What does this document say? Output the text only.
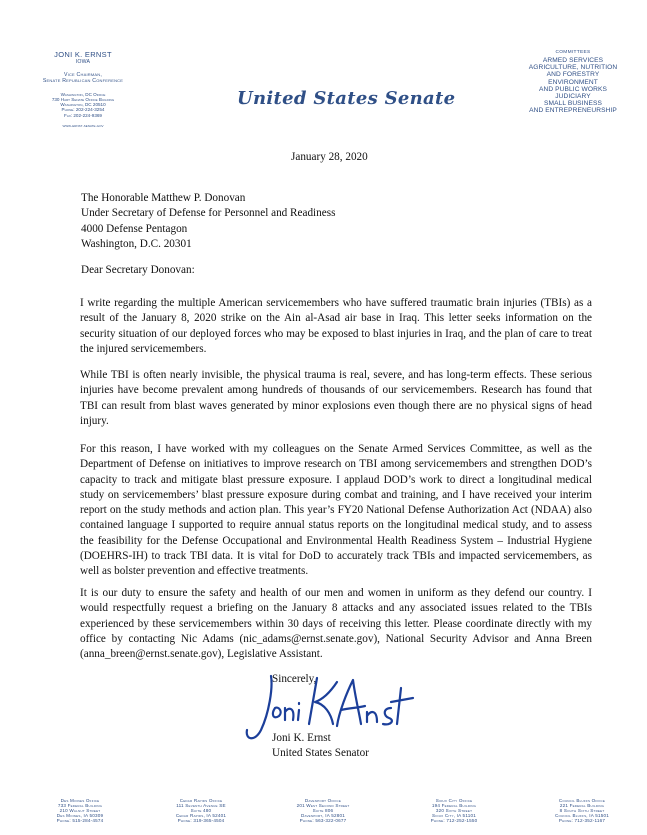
JONI K. ERNST
IOWA
Vice Chairman,
Senate Republican Conference
Washington, DC Office
730 Hart Senate Office Building
Washington, DC 20510
Phone: 202-224-3254
Fax: 202-224-9369
www.ernst.senate.gov
United States Senate
COMMITTEES
ARMED SERVICES
AGRICULTURE, NUTRITION
AND FORESTRY
ENVIRONMENT
AND PUBLIC WORKS
JUDICIARY
SMALL BUSINESS
AND ENTREPRENEURSHIP
January 28, 2020
The Honorable Matthew P. Donovan
Under Secretary of Defense for Personnel and Readiness
4000 Defense Pentagon
Washington, D.C. 20301
Dear Secretary Donovan:
I write regarding the multiple American servicemembers who have suffered traumatic brain injuries (TBIs) as a result of the January 8, 2020 strike on the Ain al-Asad air base in Iraq. This letter seeks information on the security situation of our deployed forces who may be exposed to blast injuries in Iraq, and the plan of care to treat the injured servicemembers.
While TBI is often nearly invisible, the physical trauma is real, severe, and has long-term effects. These serious injuries have become prevalent among hundreds of thousands of our servicemembers. Research has found that TBI can result from blast waves generated by minor explosions even though there are no physical signs of head injury.
For this reason, I have worked with my colleagues on the Senate Armed Services Committee, as well as the Department of Defense on initiatives to improve research on TBI among servicemembers and strengthen DOD’s capacity to track and mitigate blast pressure exposure. I applaud DOD’s work to direct a longitudinal medical study on servicemembers’ blast pressure exposure during combat and training, and I have received your interim report on the study methods and action plan. This year’s FY20 National Defense Authorization Act (NDAA) also contained language I supported to require annual status reports on the longitudinal medical study, and to assess the feasibility for the Defense Occupational and Environmental Health Readiness System – Industrial Hygiene (DOEHRS-IH) to track TBI data. It is vital for DoD to accurately track TBIs and impacted servicemembers, as well as bolster prevention and effective treatments.
It is our duty to ensure the safety and health of our men and women in uniform as they defend our country. I would respectfully request a briefing on the January 8 attacks and any associated issues related to the TBIs experienced by these servicemembers within 30 days of receiving this letter. Please coordinate directly with my office by contacting Nic Adams (nic_adams@ernst.senate.gov), National Security Advisor and Anna Breen (anna_breen@ernst.senate.gov), Legislative Assistant.
Sincerely,
Joni K. Ernst
United States Senator
Des Moines Office
733 Federal Building
210 Walnut Street
Des Moines, IA 50309
Phone: 515-284-4574
Cedar Rapids Office
111 Seventh Avenue SE
Suite 480
Cedar Rapids, IA 52401
Phone: 319-365-4504
Davenport Office
201 West Second Street
Suite 806
Davenport, IA 52801
Phone: 563-322-0677
Sioux City Office
194 Federal Building
320 Sixth Street
Sioux City, IA 51101
Phone: 712-252-1550
Council Bluffs Office
221 Federal Building
8 South Sixth Street
Council Bluffs, IA 51501
Phone: 712-352-1167
